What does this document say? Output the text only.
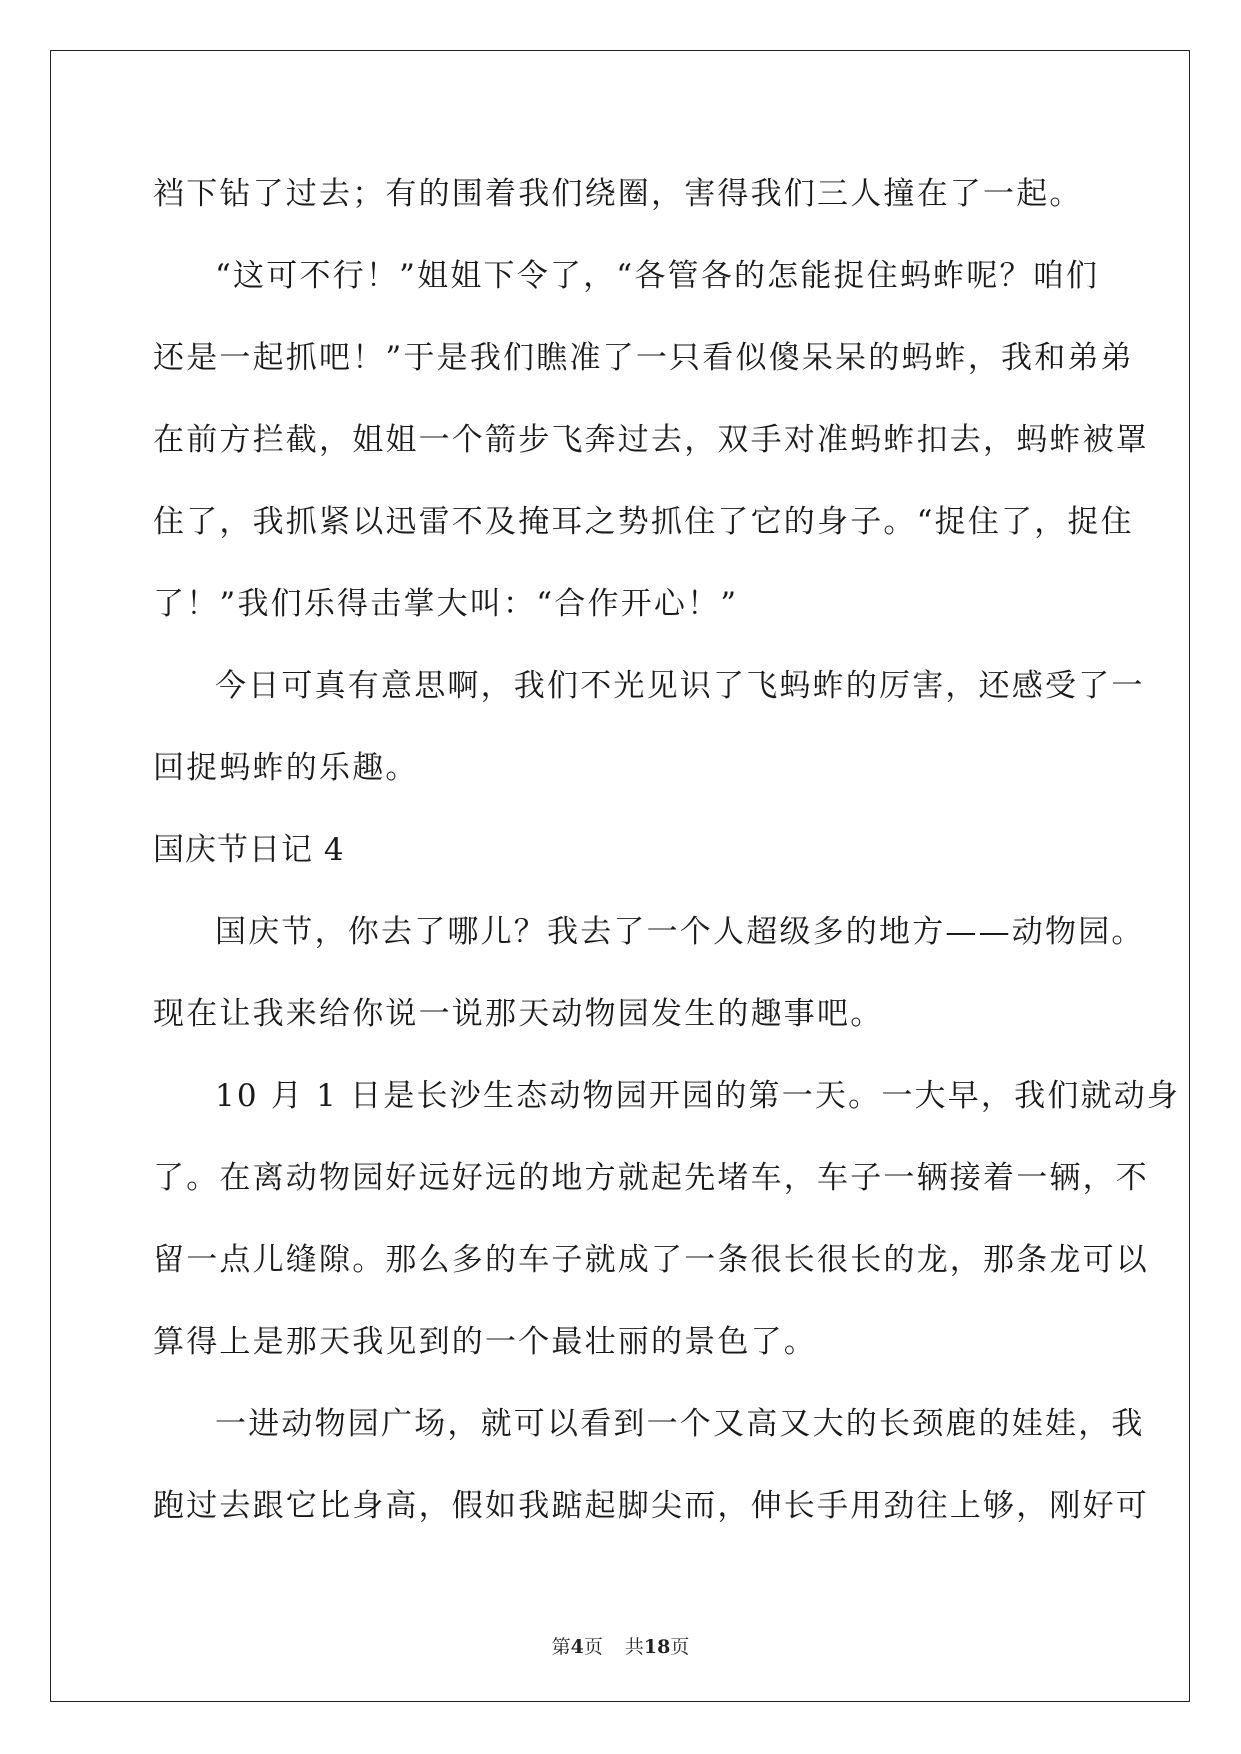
裆下钻了过去；有的围着我们绕圈，害得我们三人撞在了一起。
“这可不行！”姐姐下令了，“各管各的怎能捉住蚂蚱呢？咱们
还是一起抓吧！”于是我们瞧准了一只看似傻呆呆的蚂蚱，我和弟弟
在前方拦截，姐姐一个箭步飞奔过去，双手对准蚂蚱扣去，蚂蚱被罩
住了，我抓紧以迅雷不及掩耳之势抓住了它的身子。“捉住了，捉住
了！”我们乐得击掌大叫：“合作开心！”
今日可真有意思啊，我们不光见识了飞蚂蚱的厉害，还感受了一
回捉蚂蚱的乐趣。
国庆节日记 4
国庆节，你去了哪儿？我去了一个人超级多的地方——动物园。
现在让我来给你说一说那天动物园发生的趣事吧。
10 月 1 日是长沙生态动物园开园的第一天。一大早，我们就动身
了。在离动物园好远好远的地方就起先堵车，车子一辆接着一辆，不
留一点儿缝隙。那么多的车子就成了一条很长很长的龙，那条龙可以
算得上是那天我见到的一个最壮丽的景色了。
一进动物园广场，就可以看到一个又高又大的长颈鹿的娃娃，我
跑过去跟它比身高，假如我踮起脚尖而，伸长手用劲往上够，刚好可
第4页 共18页
